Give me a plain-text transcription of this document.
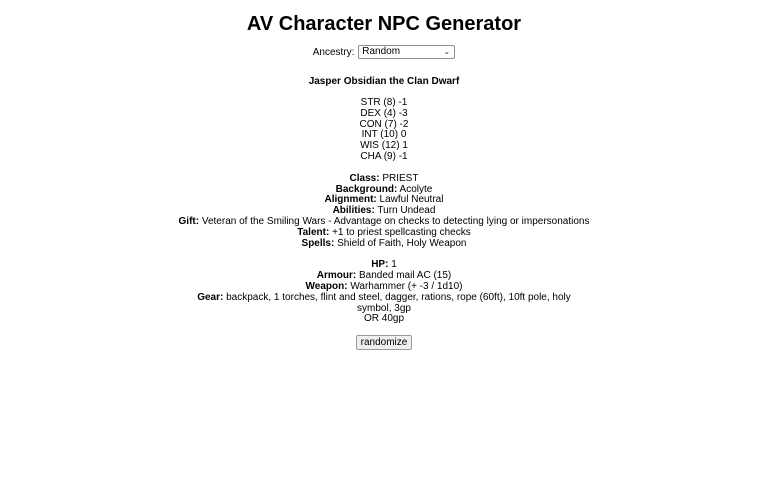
AV Character NPC Generator
Ancestry: Random	⌄
Jasper Obsidian the Clan Dwarf
STR (8) -1
DEX (4) -3
CON (7) -2
INT (10) 0
WIS (12) 1
CHA (9) -1
Class: PRIEST
Background: Acolyte
Alignment: Lawful Neutral
Abilities: Turn Undead
Gift: Veteran of the Smiling Wars - Advantage on checks to detecting lying or impersonations
Talent: +1 to priest spellcasting checks
Spells: Shield of Faith, Holy Weapon
HP: 1
Armour: Banded mail AC (15)
Weapon: Warhammer (+ -3 / 1d10)
Gear: backpack, 1 torches, flint and steel, dagger, rations, rope (60ft), 10ft pole, holy symbol, 3gp
OR 40gp
randomize
